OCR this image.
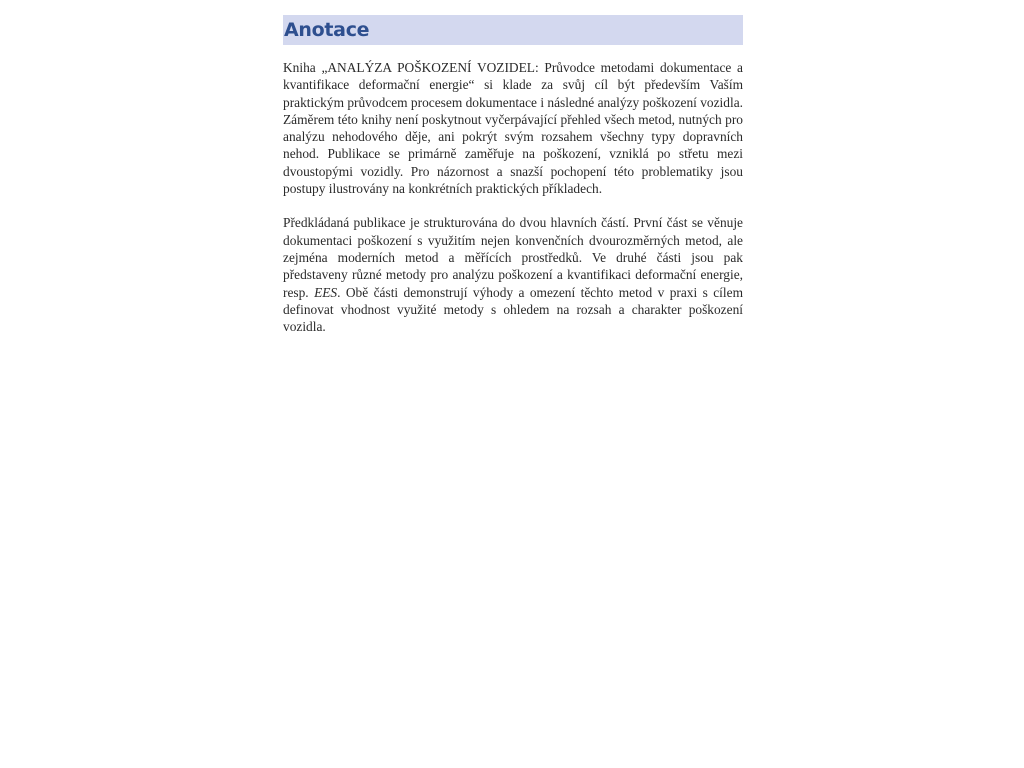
Anotace

Kniha „ANALÝZA POŠKOZENÍ VOZIDEL: Průvodce metodami dokumentace a kvantifikace deformační energie“ si klade za svůj cíl být především Vaším praktickým průvodcem procesem dokumentace i následné analýzy poškození vozidla. Záměrem této knihy není poskytnout vyčerpávající přehled všech metod, nutných pro analýzu nehodového děje, ani pokrýt svým rozsahem všechny typy dopravních nehod. Publikace se primárně zaměřuje na poškození, vzniklá po střetu mezi dvoustopými vozidly. Pro názornost a snazší pochopení této problematiky jsou postupy ilustrovány na konkrétních praktických příkladech.

Předkládaná publikace je strukturována do dvou hlavních částí. První část se věnuje dokumentaci poškození s využitím nejen konvenčních dvourozměrných metod, ale zejména moderních metod a měřících prostředků. Ve druhé části jsou pak představeny různé metody pro analýzu poškození a kvantifikaci deformační energie, resp. EES. Obě části demonstrují výhody a omezení těchto metod v praxi s cílem definovat vhodnost využité metody s ohledem na rozsah a charakter poškození vozidla.
